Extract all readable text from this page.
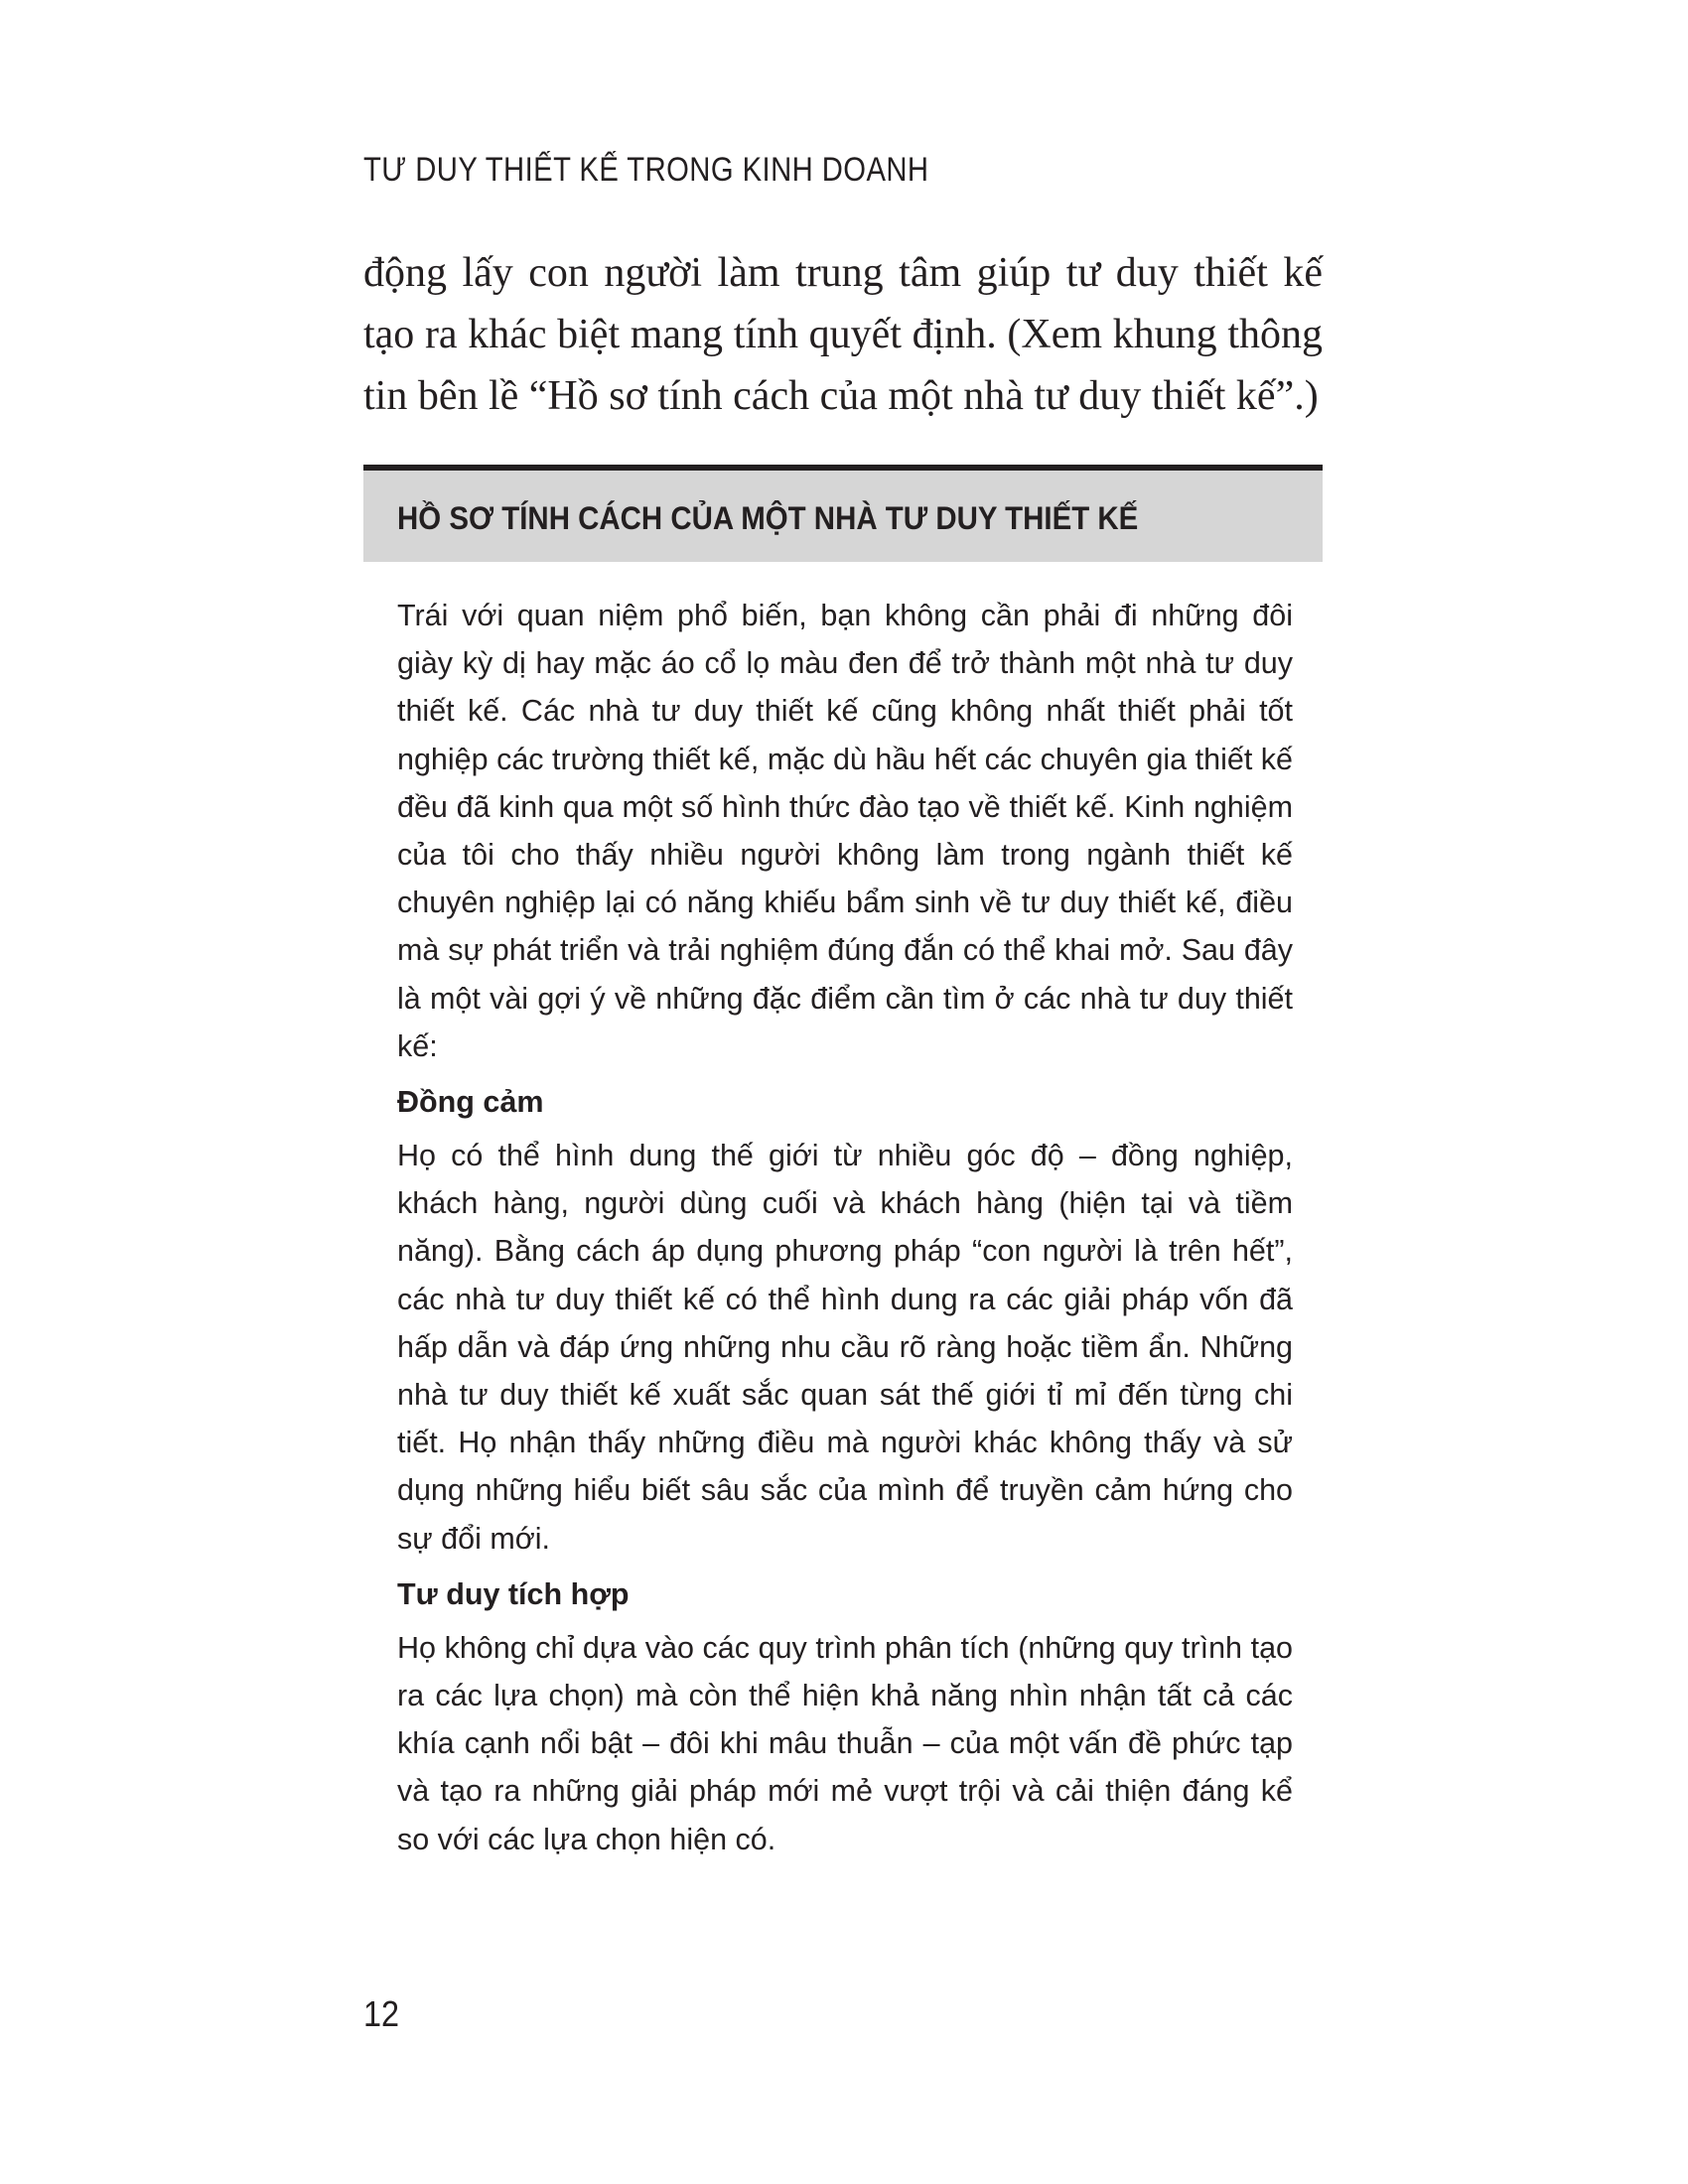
TƯ DUY THIẾT KẾ TRONG KINH DOANH

động lấy con người làm trung tâm giúp tư duy thiết kế tạo ra khác biệt mang tính quyết định. (Xem khung thông tin bên lề “Hồ sơ tính cách của một nhà tư duy thiết kế”.)

HỒ SƠ TÍNH CÁCH CỦA MỘT NHÀ TƯ DUY THIẾT KẾ

Trái với quan niệm phổ biến, bạn không cần phải đi những đôi giày kỳ dị hay mặc áo cổ lọ màu đen để trở thành một nhà tư duy thiết kế. Các nhà tư duy thiết kế cũng không nhất thiết phải tốt nghiệp các trường thiết kế, mặc dù hầu hết các chuyên gia thiết kế đều đã kinh qua một số hình thức đào tạo về thiết kế. Kinh nghiệm của tôi cho thấy nhiều người không làm trong ngành thiết kế chuyên nghiệp lại có năng khiếu bẩm sinh về tư duy thiết kế, điều mà sự phát triển và trải nghiệm đúng đắn có thể khai mở. Sau đây là một vài gợi ý về những đặc điểm cần tìm ở các nhà tư duy thiết kế:

Đồng cảm

Họ có thể hình dung thế giới từ nhiều góc độ – đồng nghiệp, khách hàng, người dùng cuối và khách hàng (hiện tại và tiềm năng). Bằng cách áp dụng phương pháp “con người là trên hết”, các nhà tư duy thiết kế có thể hình dung ra các giải pháp vốn đã hấp dẫn và đáp ứng những nhu cầu rõ ràng hoặc tiềm ẩn. Những nhà tư duy thiết kế xuất sắc quan sát thế giới tỉ mỉ đến từng chi tiết. Họ nhận thấy những điều mà người khác không thấy và sử dụng những hiểu biết sâu sắc của mình để truyền cảm hứng cho sự đổi mới.

Tư duy tích hợp

Họ không chỉ dựa vào các quy trình phân tích (những quy trình tạo ra các lựa chọn) mà còn thể hiện khả năng nhìn nhận tất cả các khía cạnh nổi bật – đôi khi mâu thuẫn – của một vấn đề phức tạp và tạo ra những giải pháp mới mẻ vượt trội và cải thiện đáng kể so với các lựa chọn hiện có.

12
